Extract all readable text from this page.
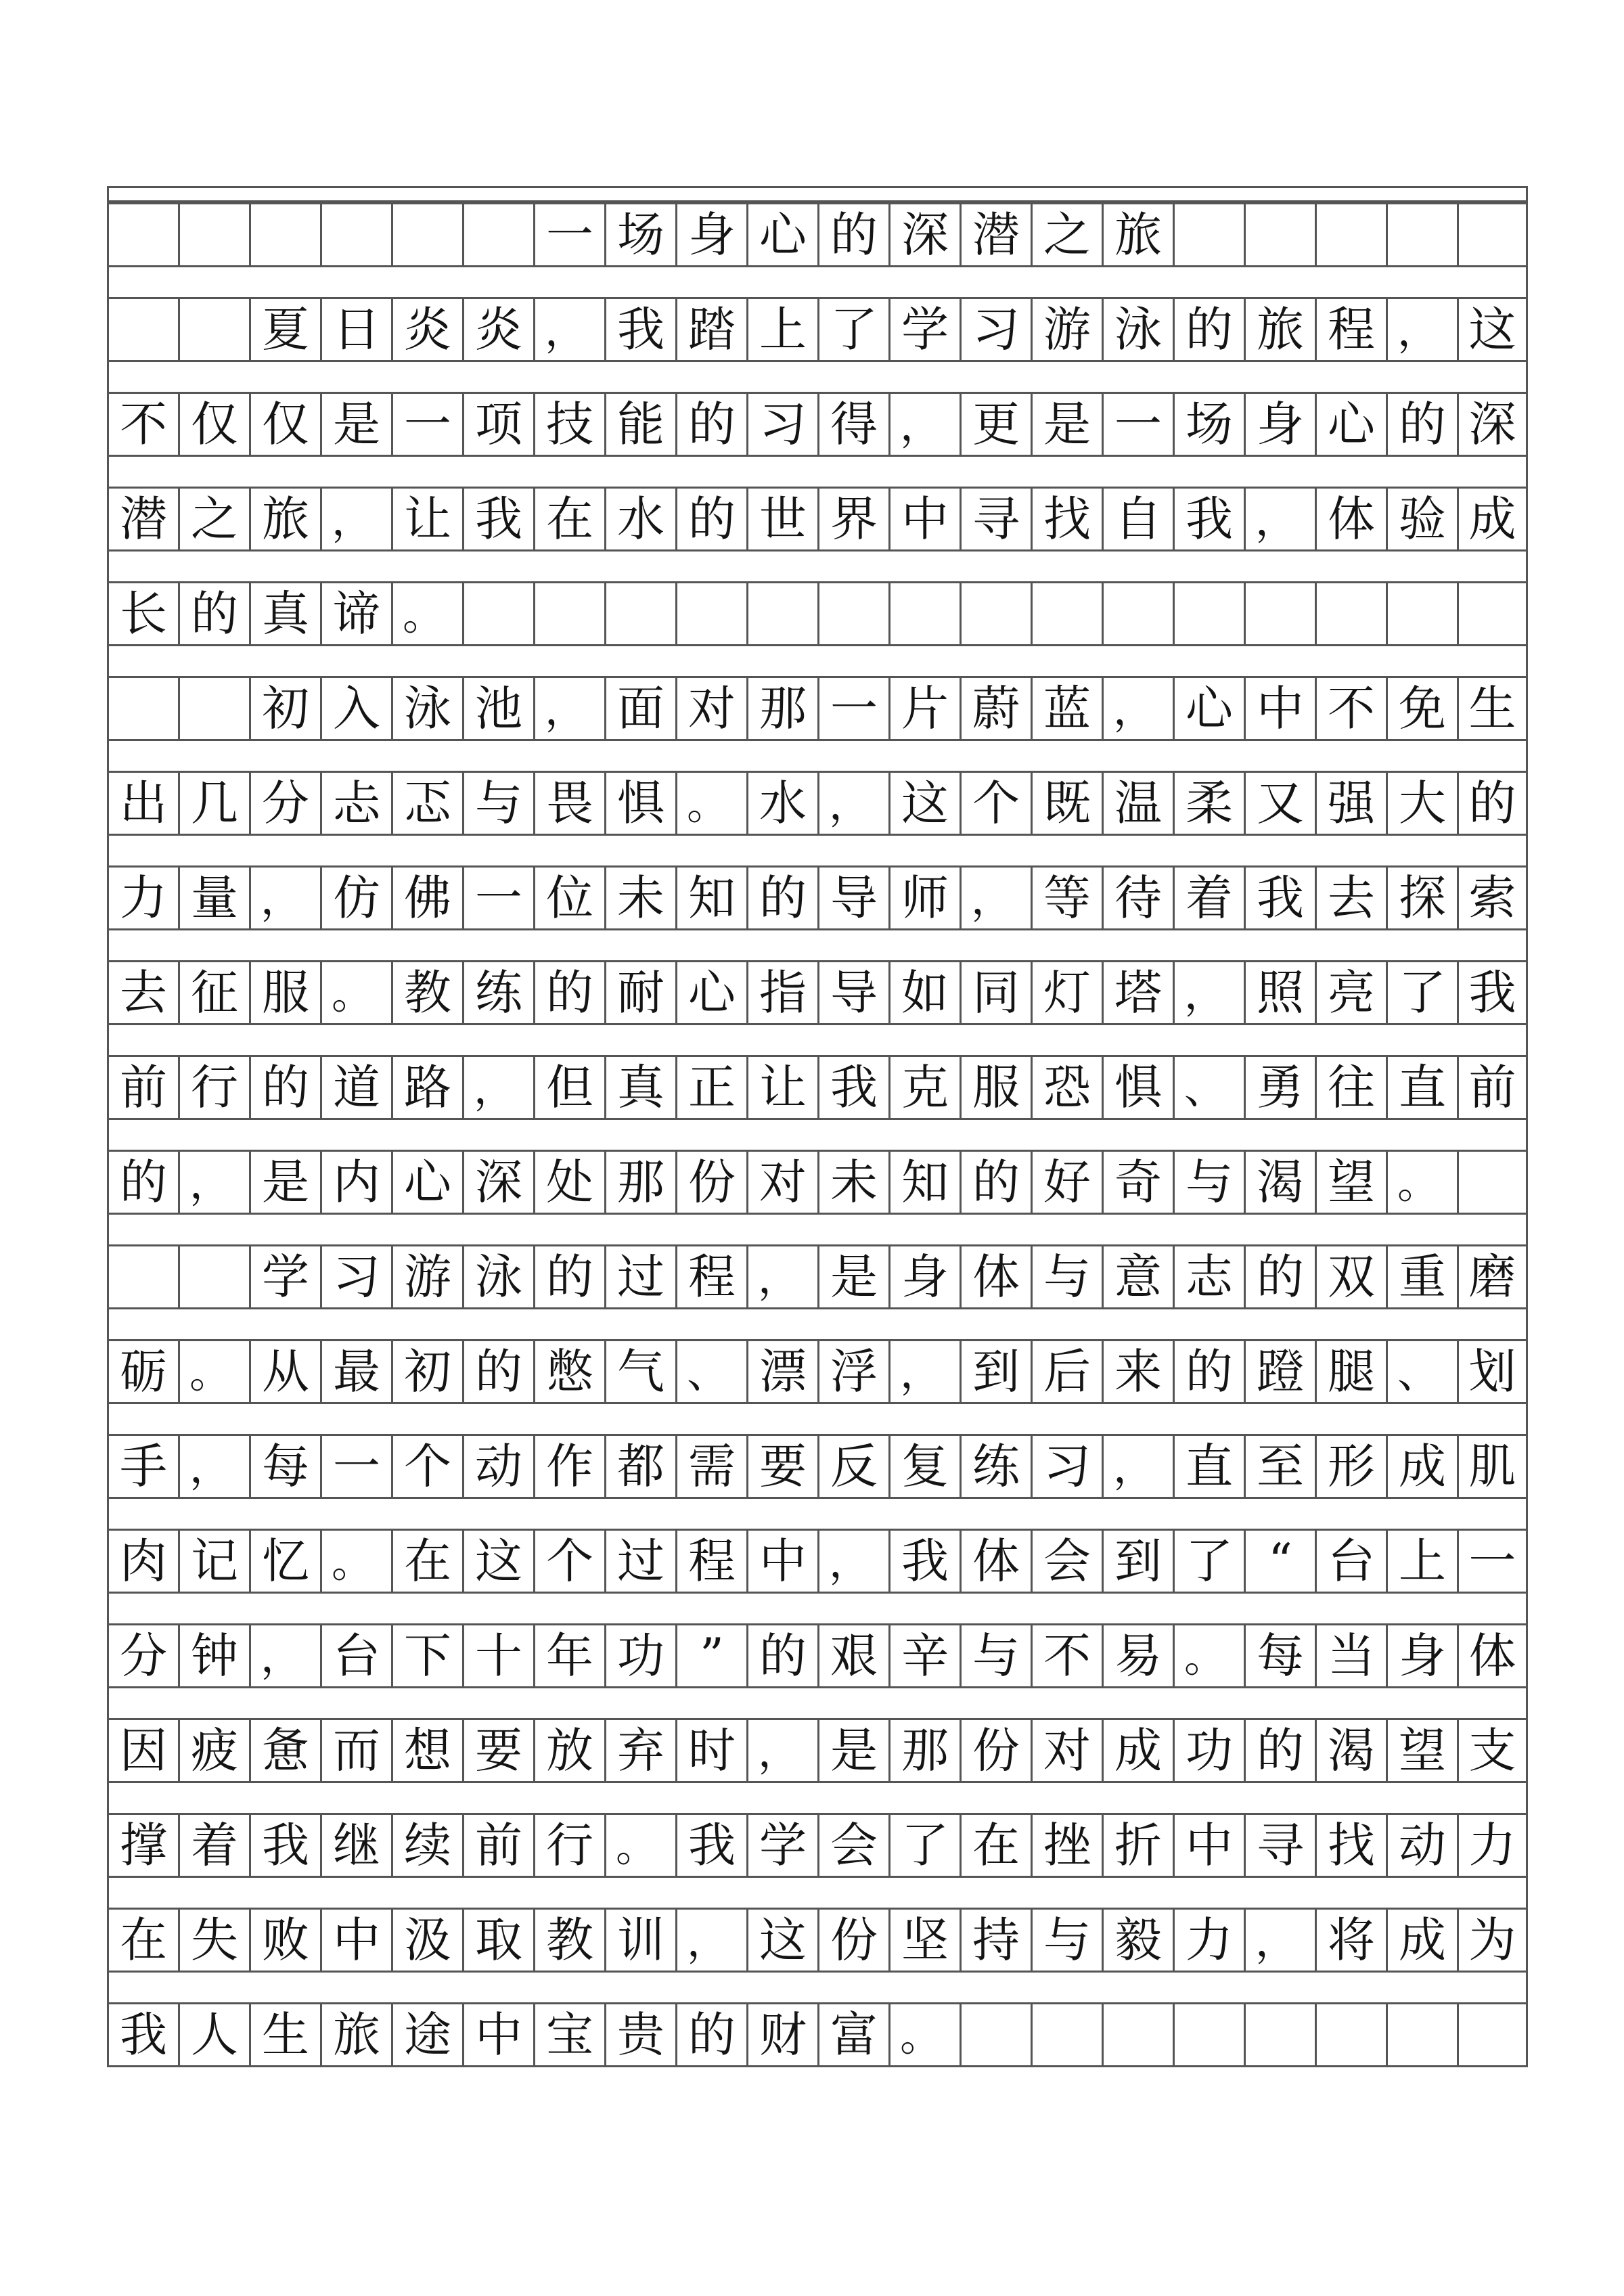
一 场 身 心 的 深 潜 之 旅
夏 日 炎 炎 ， 我 踏 上 了 学 习 游 泳 的 旅 程 ， 这
不 仅 仅 是 一 项 技 能 的 习 得 ， 更 是 一 场 身 心 的 深
潜 之 旅 ， 让 我 在 水 的 世 界 中 寻 找 自 我 ， 体 验 成
长 的 真 谛 。
初 入 泳 池 ， 面 对 那 一 片 蔚 蓝 ， 心 中 不 免 生
出 几 分 忐 忑 与 畏 惧 。 水 ， 这 个 既 温 柔 又 强 大 的
力 量 ， 仿 佛 一 位 未 知 的 导 师 ， 等 待 着 我 去 探 索
去 征 服 。 教 练 的 耐 心 指 导 如 同 灯 塔 ， 照 亮 了 我
前 行 的 道 路 ， 但 真 正 让 我 克 服 恐 惧 、 勇 往 直 前
的 ， 是 内 心 深 处 那 份 对 未 知 的 好 奇 与 渴 望 。
学 习 游 泳 的 过 程 ， 是 身 体 与 意 志 的 双 重 磨
砺 。 从 最 初 的 憋 气 、 漂 浮 ， 到 后 来 的 蹬 腿 、 划
手 ， 每 一 个 动 作 都 需 要 反 复 练 习 ， 直 至 形 成 肌
肉 记 忆 。 在 这 个 过 程 中 ， 我 体 会 到 了 “ 台 上 一
分 钟 ， 台 下 十 年 功 ” 的 艰 辛 与 不 易 。 每 当 身 体
因 疲 惫 而 想 要 放 弃 时 ， 是 那 份 对 成 功 的 渴 望 支
撑 着 我 继 续 前 行 。 我 学 会 了 在 挫 折 中 寻 找 动 力
在 失 败 中 汲 取 教 训 ， 这 份 坚 持 与 毅 力 ， 将 成 为
我 人 生 旅 途 中 宝 贵 的 财 富 。
